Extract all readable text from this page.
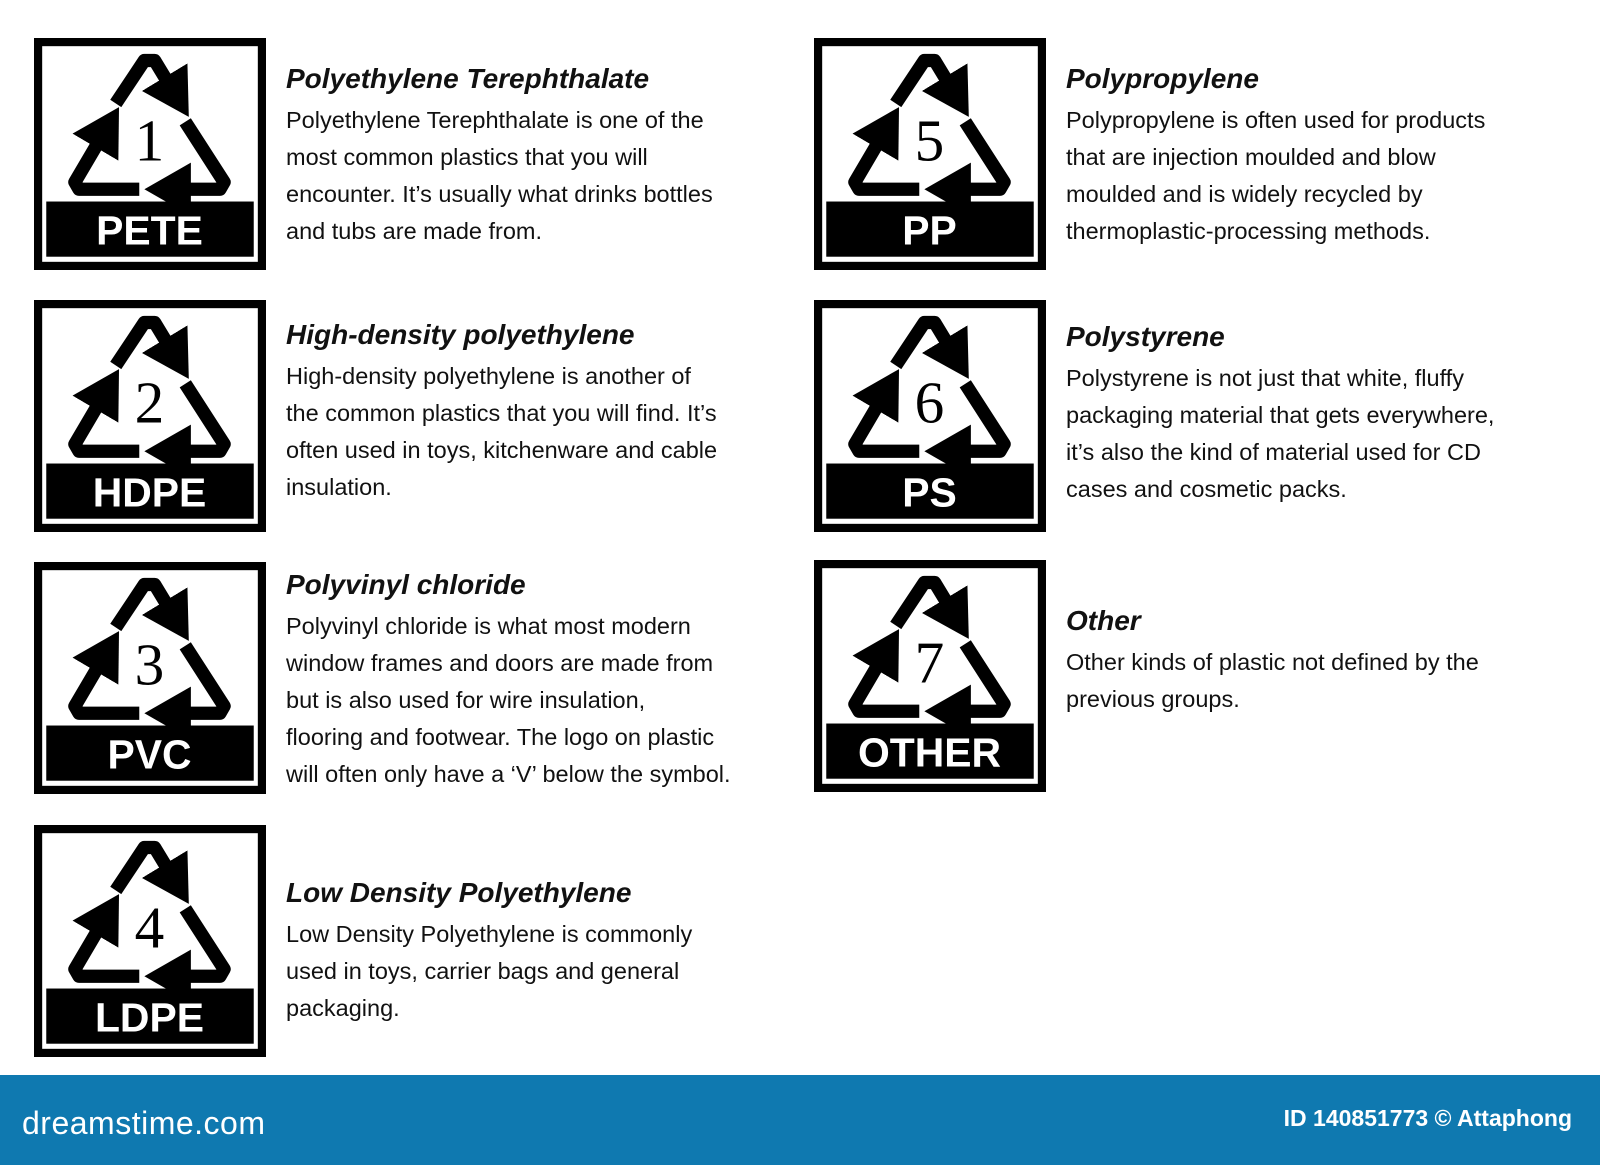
1
PETE
Polyethylene Terephthalate
Polyethylene Terephthalate is one of the
most common plastics that you will
encounter. It’s usually what drinks bottles
and tubs are made from.
2
HDPE
High-density polyethylene
High-density polyethylene is another of
the common plastics that you will find. It’s
often used in toys, kitchenware and cable
insulation.
3
PVC
Polyvinyl chloride
Polyvinyl chloride is what most modern
window frames and doors are made from
but is also used for wire insulation,
flooring and footwear. The logo on plastic
will often only have a ‘V’ below the symbol.
4
LDPE
Low Density Polyethylene
Low Density Polyethylene is commonly
used in toys, carrier bags and general
packaging.
5
PP
Polypropylene
Polypropylene is often used for products
that are injection moulded and blow
moulded and is widely recycled by
thermoplastic-processing methods.
6
PS
Polystyrene
Polystyrene is not just that white, fluffy
packaging material that gets everywhere,
it’s also the kind of material used for CD
cases and cosmetic packs.
7
OTHER
Other
Other kinds of plastic not defined by the
previous groups.
dreamstime.com	ID 140851773 © Attaphong
